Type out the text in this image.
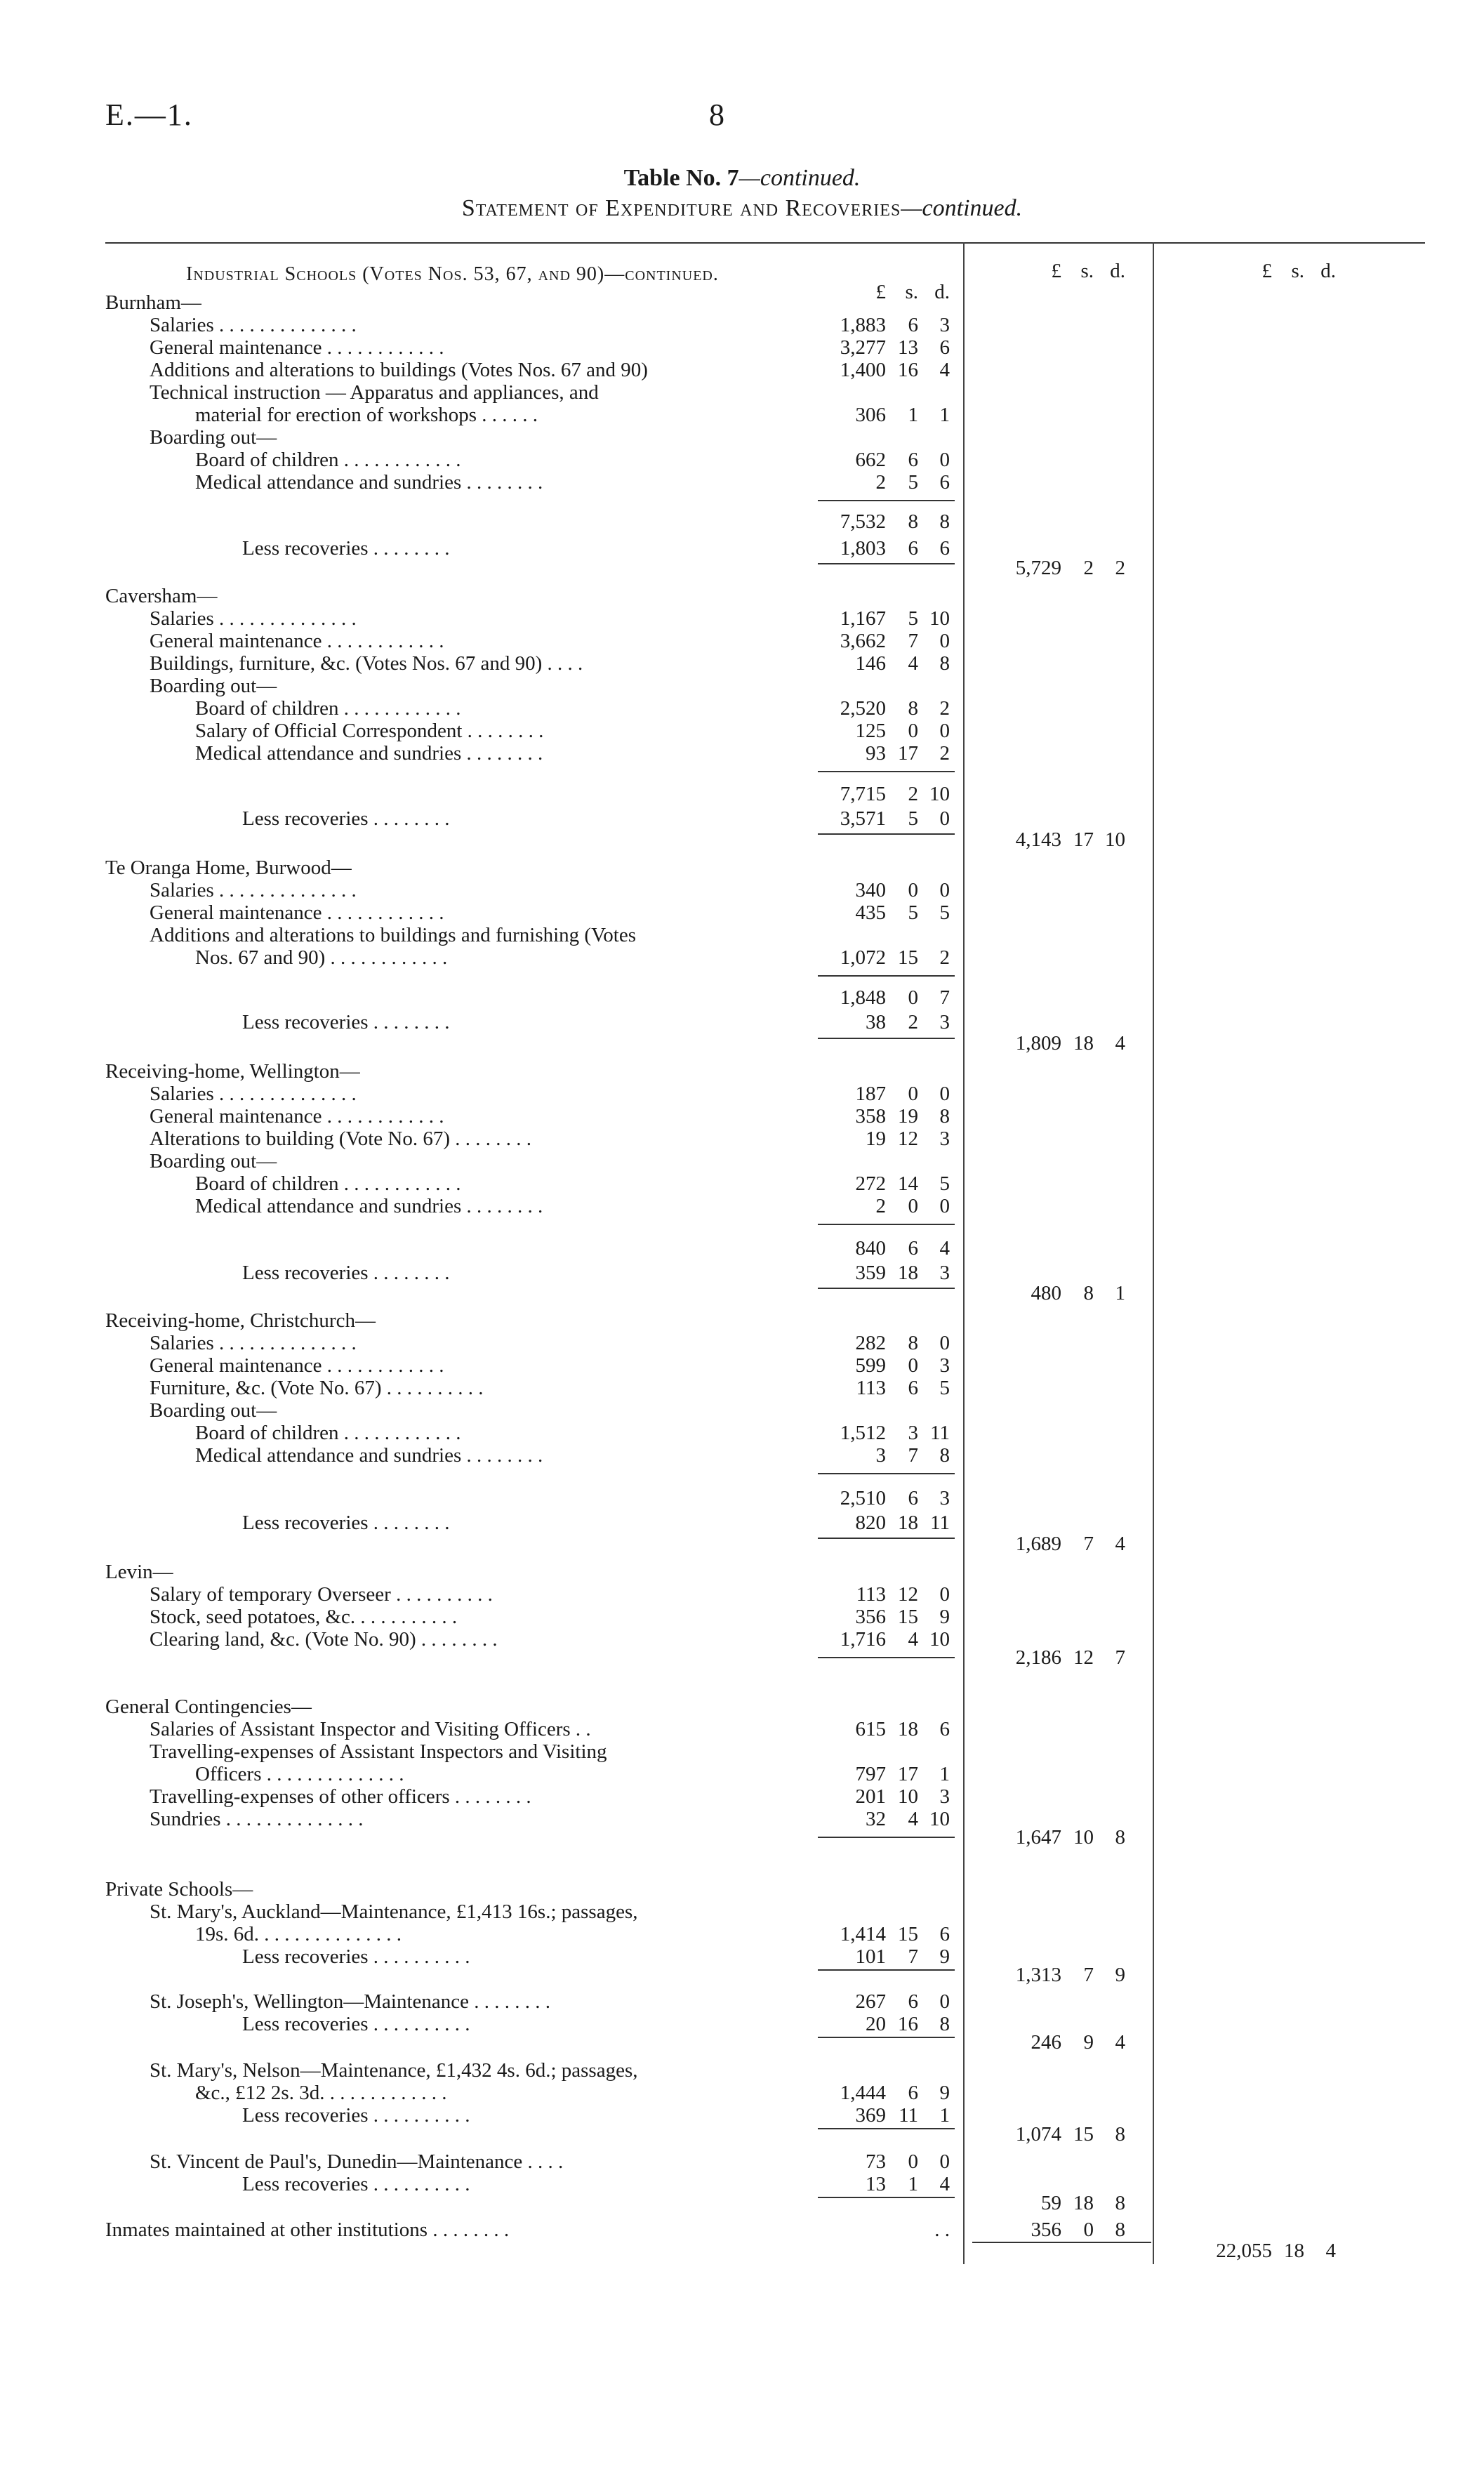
E.—1.	8
Table No. 7—continued.
Statement of Expenditure and Recoveries—continued.
Industrial Schools (Votes Nos. 53, 67, and 90)—continued.
£ s. d.
£ s. d.	£ s. d.
Burnham—
Salaries . . . . . . . . . . . . . .	1,883	6	3
General maintenance . . . . . . . . . . . .	3,277 13	6
Additions and alterations to buildings (Votes Nos. 67 and 90)	1,400 16	4
Technical instruction — Apparatus and appliances, and
material for erection of workshops . . . . . .	306	1	1
Boarding out—
Board of children . . . . . . . . . . . .	662	6	0
Medical attendance and sundries . . . . . . . .	2	5	6
7,532	8	8
Less recoveries . . . . . . . .	1,803	6	6
5,729	2	2
Caversham—
Salaries . . . . . . . . . . . . . .	1,167	5 10
General maintenance . . . . . . . . . . . .	3,662	7	0
Buildings, furniture, &c. (Votes Nos. 67 and 90) . . . .	146	4	8
Boarding out—
Board of children . . . . . . . . . . . .	2,520	8	2
Salary of Official Correspondent . . . . . . . .	125	0	0
Medical attendance and sundries . . . . . . . .	93 17	2
7,715	2 10
Less recoveries . . . . . . . .	3,571	5	0
4,143 17 10
Te Oranga Home, Burwood—
Salaries . . . . . . . . . . . . . .	340	0	0
General maintenance . . . . . . . . . . . .	435	5	5
Additions and alterations to buildings and furnishing (Votes
Nos. 67 and 90) . . . . . . . . . . . .	1,072 15	2
1,848	0	7
Less recoveries . . . . . . . .	38	2	3
1,809 18	4
Receiving-home, Wellington—
Salaries . . . . . . . . . . . . . .	187	0	0
General maintenance . . . . . . . . . . . .	358 19	8
Alterations to building (Vote No. 67) . . . . . . . .	19 12	3
Boarding out—
Board of children . . . . . . . . . . . .	272 14	5
Medical attendance and sundries . . . . . . . .	2	0	0
840	6	4
Less recoveries . . . . . . . .	359 18	3
480	8	1
Receiving-home, Christchurch—
Salaries . . . . . . . . . . . . . .	282	8	0
General maintenance . . . . . . . . . . . .	599	0	3
Furniture, &c. (Vote No. 67) . . . . . . . . . .	113	6	5
Boarding out—
Board of children . . . . . . . . . . . .	1,512	3 11
Medical attendance and sundries . . . . . . . .	3	7	8
2,510	6	3
Less recoveries . . . . . . . .	820 18 11
1,689	7	4
Levin—
Salary of temporary Overseer . . . . . . . . . .	113 12	0
Stock, seed potatoes, &c. . . . . . . . . . .	356 15	9
Clearing land, &c. (Vote No. 90) . . . . . . . .	1,716	4 10
2,186 12	7
General Contingencies—
Salaries of Assistant Inspector and Visiting Officers . .	615 18	6
Travelling-expenses of Assistant Inspectors and Visiting
Officers . . . . . . . . . . . . . .	797 17	1
Travelling-expenses of other officers . . . . . . . .	201 10	3
Sundries . . . . . . . . . . . . . .	32	4 10
1,647 10	8
Private Schools—
St. Mary's, Auckland—Maintenance, £1,413 16s.; passages,
19s. 6d. . . . . . . . . . . . . . .	1,414 15	6
Less recoveries . . . . . . . . . .	101	7	9
1,313	7	9
St. Joseph's, Wellington—Maintenance . . . . . . . .	267	6	0
Less recoveries . . . . . . . . . .	20 16	8
246	9	4
St. Mary's, Nelson—Maintenance, £1,432 4s. 6d.; passages,
&c., £12 2s. 3d. . . . . . . . . . . . .	1,444	6	9
Less recoveries . . . . . . . . . .	369 11	1
1,074 15	8
St. Vincent de Paul's, Dunedin—Maintenance . . . .	73	0	0
Less recoveries . . . . . . . . . .	13	1	4
59 18	8
Inmates maintained at other institutions . . . . . . . .	. .	356	0	8
22,055 18	4
